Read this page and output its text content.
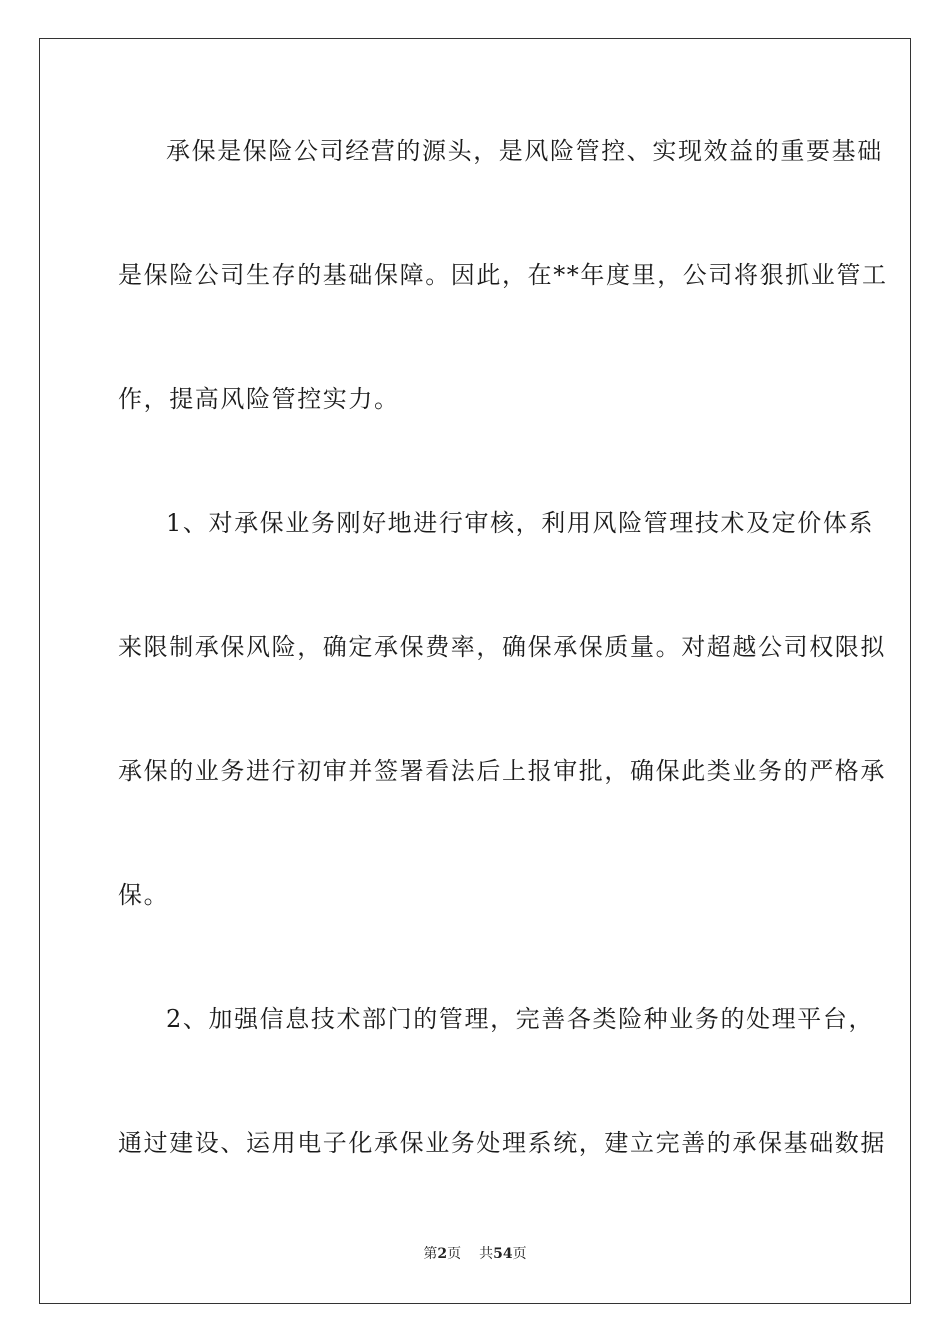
承保是保险公司经营的源头，是风险管控、实现效益的重要基础
是保险公司生存的基础保障。因此，在**年度里，公司将狠抓业管工
作，提高风险管控实力。
1、对承保业务刚好地进行审核，利用风险管理技术及定价体系
来限制承保风险，确定承保费率，确保承保质量。对超越公司权限拟
承保的业务进行初审并签署看法后上报审批，确保此类业务的严格承
保。
2、加强信息技术部门的管理，完善各类险种业务的处理平台，
通过建设、运用电子化承保业务处理系统，建立完善的承保基础数据
第2页 共54页
